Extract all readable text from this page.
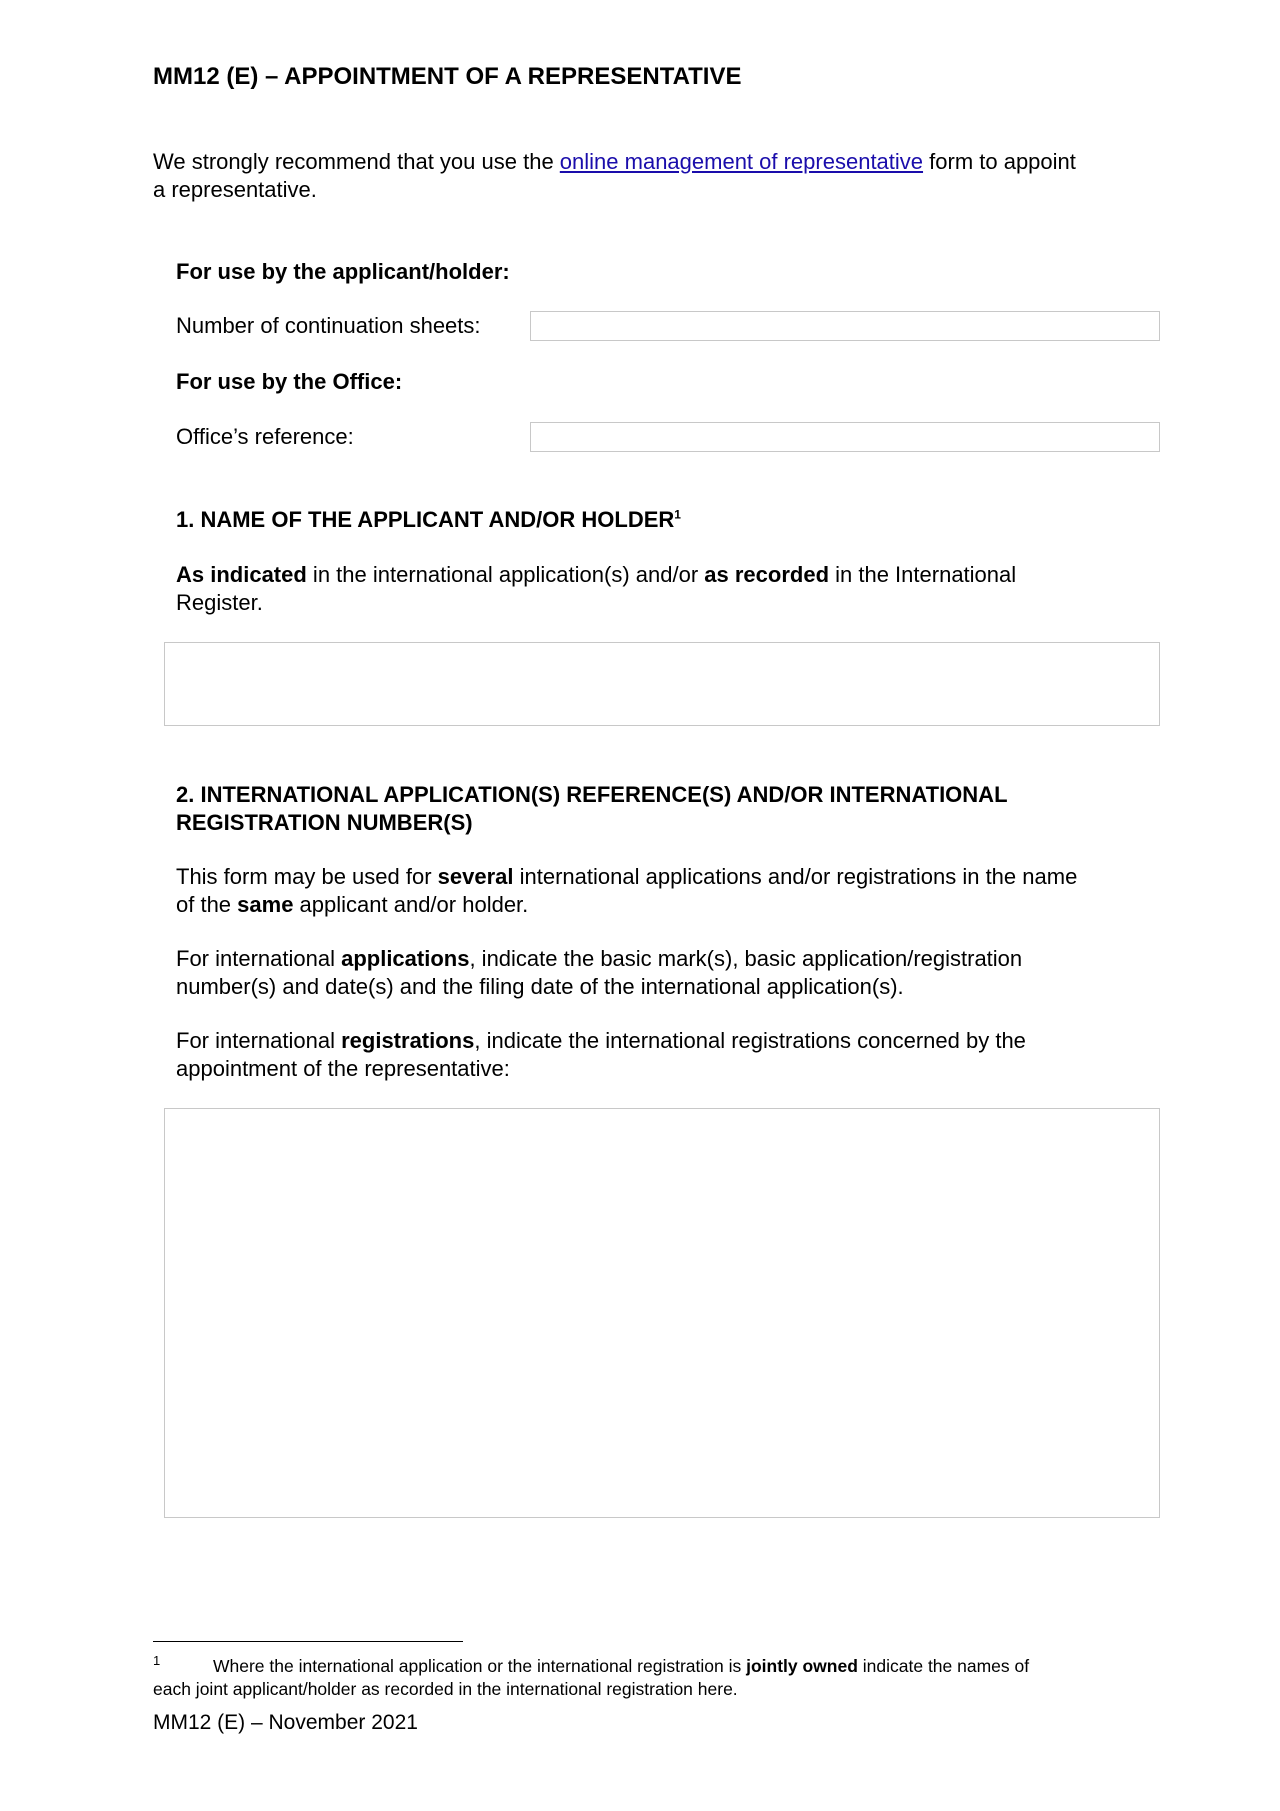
MM12 (E) – APPOINTMENT OF A REPRESENTATIVE
We strongly recommend that you use the online management of representative form to appoint
a representative.
For use by the applicant/holder:
Number of continuation sheets:
For use by the Office:
Office’s reference:
1. NAME OF THE APPLICANT AND/OR HOLDER$^1$
As indicated in the international application(s) and/or as recorded in the International
Register.
2. INTERNATIONAL APPLICATION(S) REFERENCE(S) AND/OR INTERNATIONAL
REGISTRATION NUMBER(S)
This form may be used for several international applications and/or registrations in the name
of the same applicant and/or holder.
For international applications, indicate the basic mark(s), basic application/registration
number(s) and date(s) and the filing date of the international application(s).
For international registrations, indicate the international registrations concerned by the
appointment of the representative:
1	Where the international application or the international registration is jointly owned indicate the names of
each joint applicant/holder as recorded in the international registration here.
MM12 (E) – November 2021
